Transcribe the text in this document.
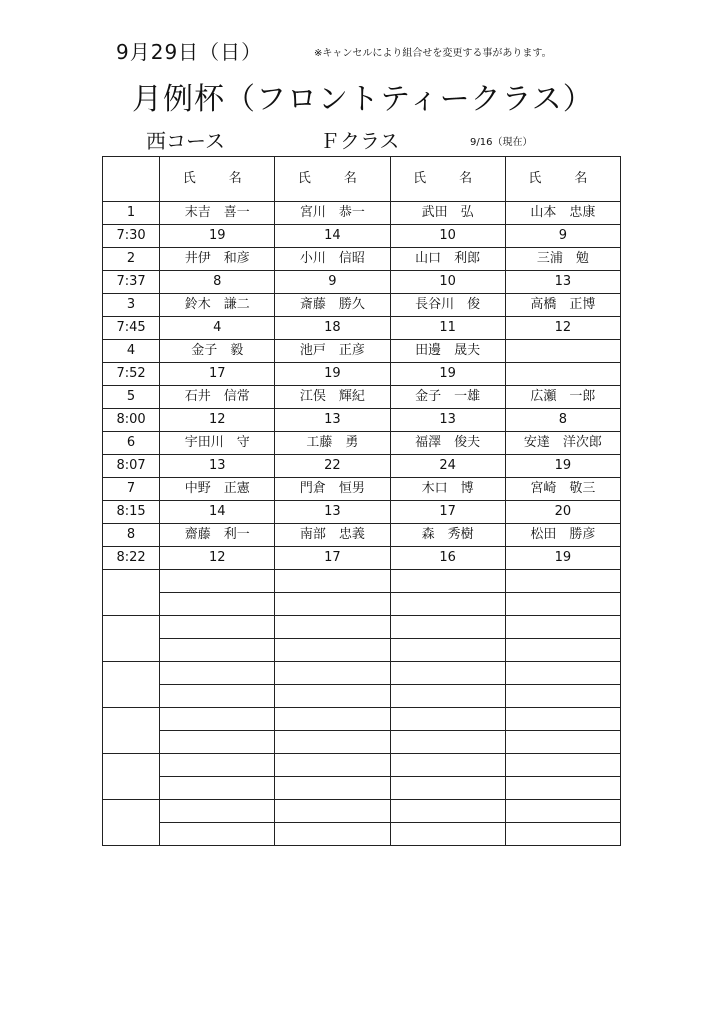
9月29日（日）	※キャンセルにより組合せを変更する事があります。
月例杯（フロントティークラス）
西コース	Ｆクラス	9/16（現在）
	氏　名	氏　名	氏　名	氏　名
1	末吉　喜一	宮川　恭一	武田　弘	山本　忠康
7:30	19	14	10	9
2	井伊　和彦	小川　信昭	山口　利郎	三浦　勉
7:37	8	9	10	13
3	鈴木　謙二	斎藤　勝久	長谷川　俊	高橋　正博
7:45	4	18	11	12
4	金子　毅	池戸　正彦	田邊　晟夫	
7:52	17	19	19	
5	石井　信常	江俣　輝紀	金子　一雄	広瀬　一郎
8:00	12	13	13	8
6	宇田川　守	工藤　勇	福澤　俊夫	安達　洋次郎
8:07	13	22	24	19
7	中野　正憲	門倉　恒男	木口　博	宮崎　敬三
8:15	14	13	17	20
8	齋藤　利一	南部　忠義	森　秀樹	松田　勝彦
8:22	12	17	16	19
